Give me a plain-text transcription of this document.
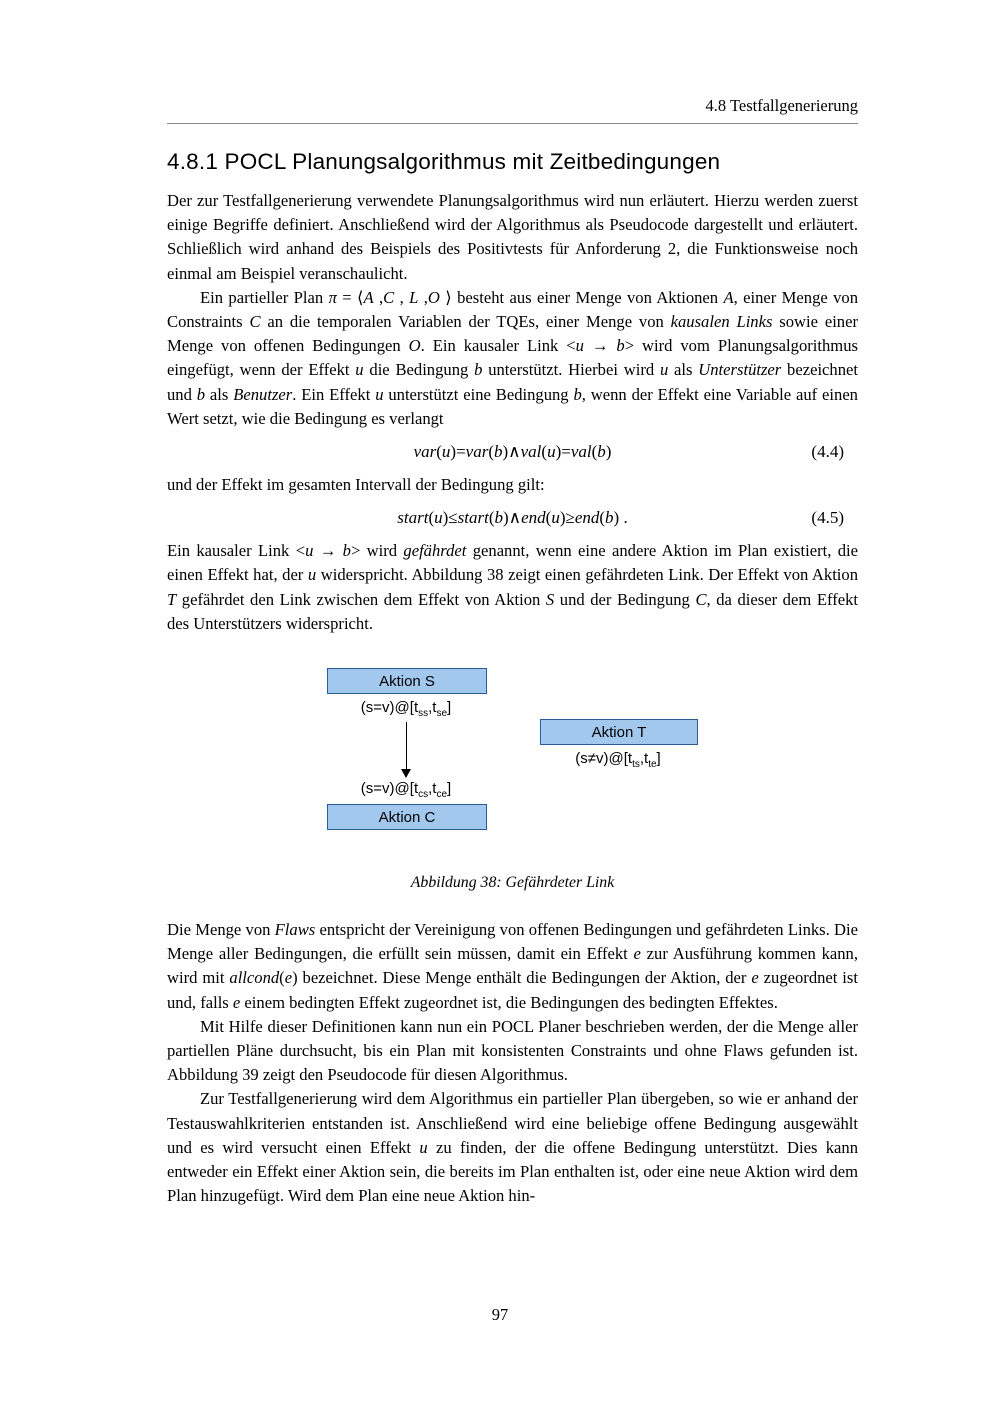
4.8 Testfallgenerierung
4.8.1 POCL Planungsalgorithmus mit Zeitbedingungen

Der zur Testfallgenerierung verwendete Planungsalgorithmus wird nun erläutert. Hierzu werden zuerst einige Begriffe definiert. Anschließend wird der Algorithmus als Pseudocode dargestellt und erläutert. Schließlich wird anhand des Beispiels des Positivtests für Anforderung 2, die Funktionsweise noch einmal am Beispiel veranschaulicht.

Ein partieller Plan π = ⟨A ,C , L ,O ⟩ besteht aus einer Menge von Aktionen A, einer Menge von Constraints C an die temporalen Variablen der TQEs, einer Menge von kausalen Links sowie einer Menge von offenen Bedingungen O. Ein kausaler Link <u → b> wird vom Planungsalgorithmus eingefügt, wenn der Effekt u die Bedingung b unterstützt. Hierbei wird u als Unterstützer bezeichnet und b als Benutzer. Ein Effekt u unterstützt eine Bedingung b, wenn der Effekt eine Variable auf einen Wert setzt, wie die Bedingung es verlangt

var(u)=var(b)∧val(u)=val(b)	(4.4)

und der Effekt im gesamten Intervall der Bedingung gilt:

start(u)≤start(b)∧end(u)≥end(b) .	(4.5)

Ein kausaler Link <u → b> wird gefährdet genannt, wenn eine andere Aktion im Plan existiert, die einen Effekt hat, der u widerspricht. Abbildung 38 zeigt einen gefährdeten Link. Der Effekt von Aktion T gefährdet den Link zwischen dem Effekt von Aktion S und der Bedingung C, da dieser dem Effekt des Unterstützers widerspricht.

Aktion S
$(s=v)@[t_{ss},t_{se}]$
$(s=v)@[t_{cs},t_{ce}]$
Aktion C
Aktion T
$(s\ne v)@[t_{ts},t_{te}]$
Abbildung 38: Gefährdeter Link

Die Menge von Flaws entspricht der Vereinigung von offenen Bedingungen und gefährdeten Links. Die Menge aller Bedingungen, die erfüllt sein müssen, damit ein Effekt e zur Ausführung kommen kann, wird mit allcond(e) bezeichnet. Diese Menge enthält die Bedingungen der Aktion, der e zugeordnet ist und, falls e einem bedingten Effekt zugeordnet ist, die Bedingungen des bedingten Effektes.

Mit Hilfe dieser Definitionen kann nun ein POCL Planer beschrieben werden, der die Menge aller partiellen Pläne durchsucht, bis ein Plan mit konsistenten Constraints und ohne Flaws gefunden ist. Abbildung 39 zeigt den Pseudocode für diesen Algorithmus.

Zur Testfallgenerierung wird dem Algorithmus ein partieller Plan übergeben, so wie er anhand der Testauswahlkriterien entstanden ist. Anschließend wird eine beliebige offene Bedingung ausgewählt und es wird versucht einen Effekt u zu finden, der die offene Bedingung unterstützt. Dies kann entweder ein Effekt einer Aktion sein, die bereits im Plan enthalten ist, oder eine neue Aktion wird dem Plan hinzugefügt. Wird dem Plan eine neue Aktion hin-

97
